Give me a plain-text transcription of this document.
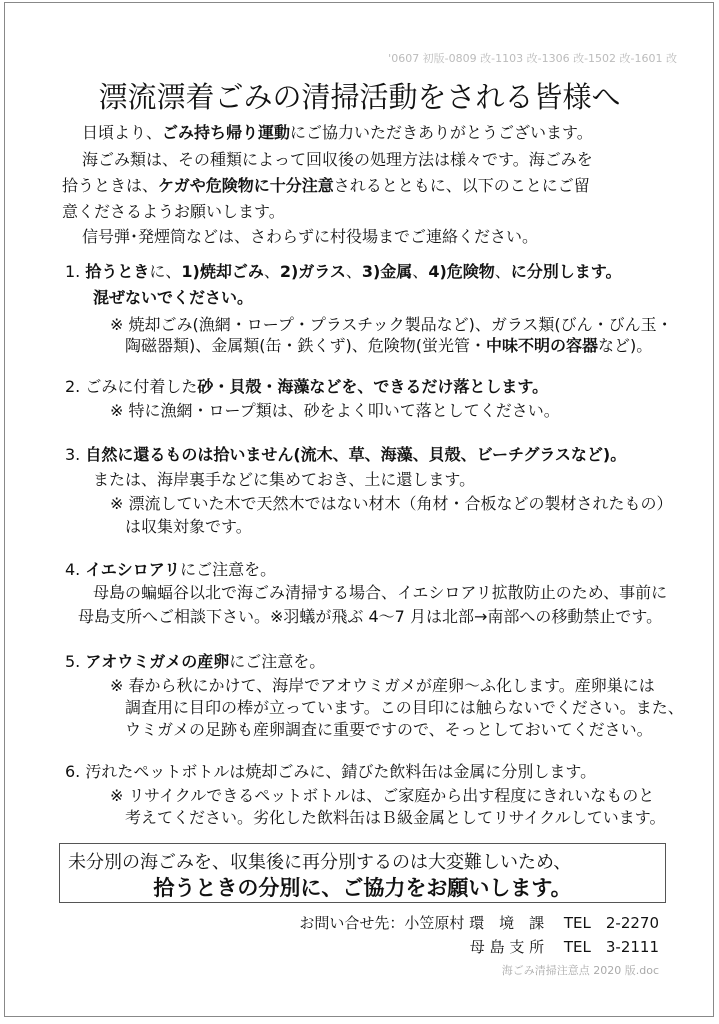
'0607 初版-0809 改-1103 改-1306 改-1502 改-1601 改
漂流漂着ごみの清掃活動をされる皆様へ
日頃より、ごみ持ち帰り運動にご協力いただきありがとうございます。
海ごみ類は、その種類によって回収後の処理方法は様々です。海ごみを
拾うときは、ケガや危険物に十分注意されるとともに、以下のことにご留
意くださるようお願いします。
信号弾･発煙筒などは、さわらずに村役場までご連絡ください。
1. 拾うときに、1)焼却ごみ、2)ガラス、3)金属、4)危険物、に分別します。
混ぜないでください。
※ 焼却ごみ(漁網・ロープ・プラスチック製品など)、ガラス類(びん・びん玉・
陶磁器類)、金属類(缶・鉄くず)、危険物(蛍光管・中味不明の容器など)。
2. ごみに付着した砂・貝殻・海藻などを、できるだけ落とします。
※ 特に漁網・ロープ類は、砂をよく叩いて落としてください。
3. 自然に還るものは拾いません(流木、草、海藻、貝殻、ビーチグラスなど)。
または、海岸裏手などに集めておき、土に還します。
※ 漂流していた木で天然木ではない材木（角材・合板などの製材されたもの）
は収集対象です。
4. イエシロアリにご注意を。
母島の蝙蝠谷以北で海ごみ清掃する場合、イエシロアリ拡散防止のため、事前に
母島支所へご相談下さい。※羽蟻が飛ぶ 4～7 月は北部→南部への移動禁止です。
5. アオウミガメの産卵にご注意を。
※ 春から秋にかけて、海岸でアオウミガメが産卵～ふ化します。産卵巣には
調査用に目印の棒が立っています。この目印には触らないでください。また、
ウミガメの足跡も産卵調査に重要ですので、そっとしておいてください。
6. 汚れたペットボトルは焼却ごみに、錆びた飲料缶は金属に分別します。
※ リサイクルできるペットボトルは、ご家庭から出す程度にきれいなものと
考えてください。劣化した飲料缶はＢ級金属としてリサイクルしています。
未分別の海ごみを、収集後に再分別するのは大変難しいため、
拾うときの分別に、ご協力をお願いします。
お問い合せ先：小笠原村 環　境　課　 TEL　2-2270
母 島 支 所　 TEL　3-2111
海ごみ清掃注意点 2020 版.doc
